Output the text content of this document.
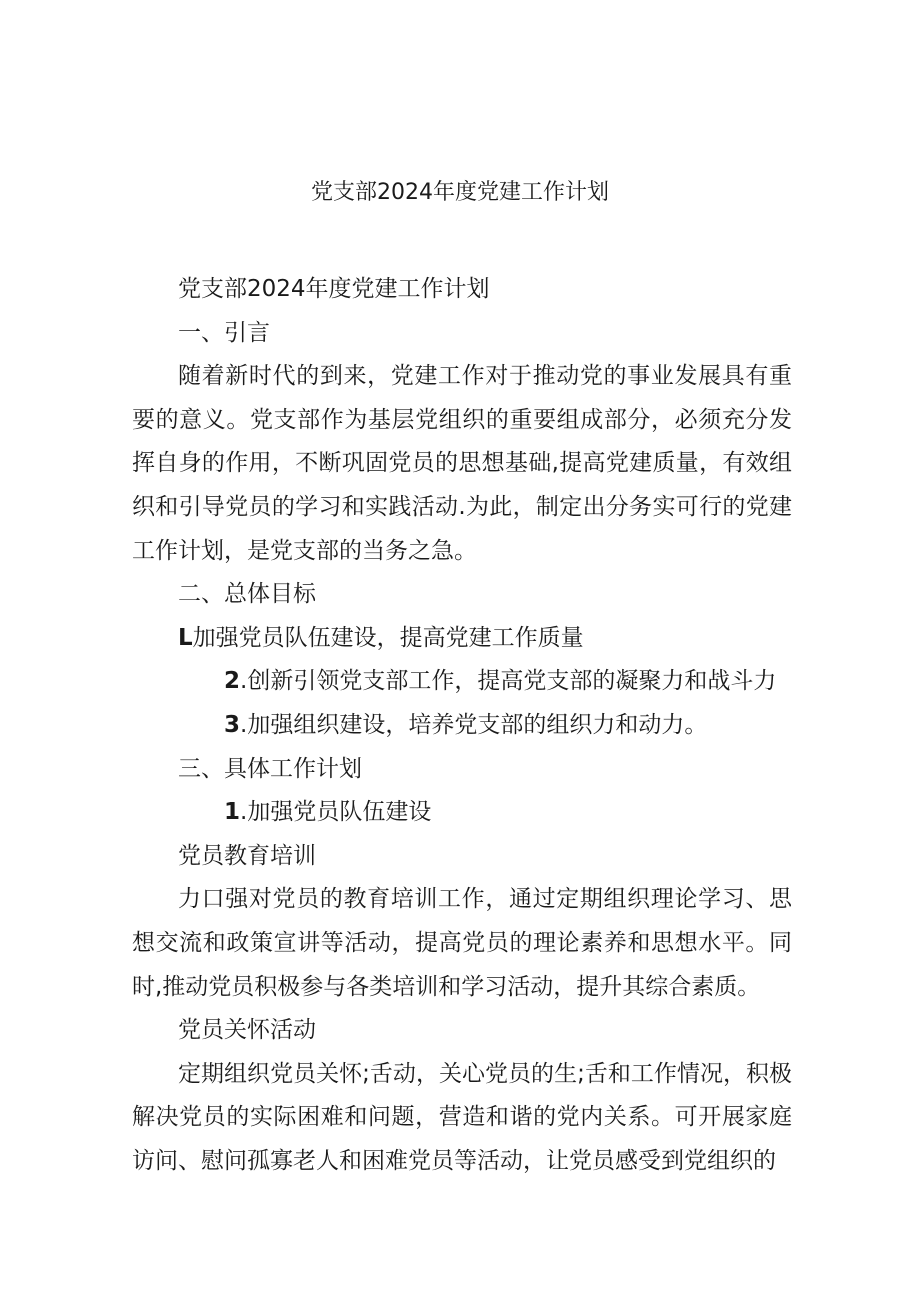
党支部2024年度党建工作计划

党支部2024年度党建工作计划

一、引言

随着新时代的到来，党建工作对于推动党的事业发展具有重要的意义。党支部作为基层党组织的重要组成部分，必须充分发挥自身的作用，不断巩固党员的思想基础,提高党建质量，有效组织和引导党员的学习和实践活动.为此，制定出分务实可行的党建工作计划，是党支部的当务之急。

二、总体目标

L加强党员队伍建设，提高党建工作质量

2.创新引领党支部工作，提高党支部的凝聚力和战斗力

3.加强组织建设，培养党支部的组织力和动力。

三、具体工作计划

1.加强党员队伍建设

党员教育培训

力口强对党员的教育培训工作，通过定期组织理论学习、思想交流和政策宣讲等活动，提高党员的理论素养和思想水平。同时,推动党员积极参与各类培训和学习活动，提升其综合素质。

党员关怀活动

定期组织党员关怀;舌动，关心党员的生;舌和工作情况，积极解决党员的实际困难和问题，营造和谐的党内关系。可开展家庭访问、慰问孤寡老人和困难党员等活动，让党员感受到党组织的
